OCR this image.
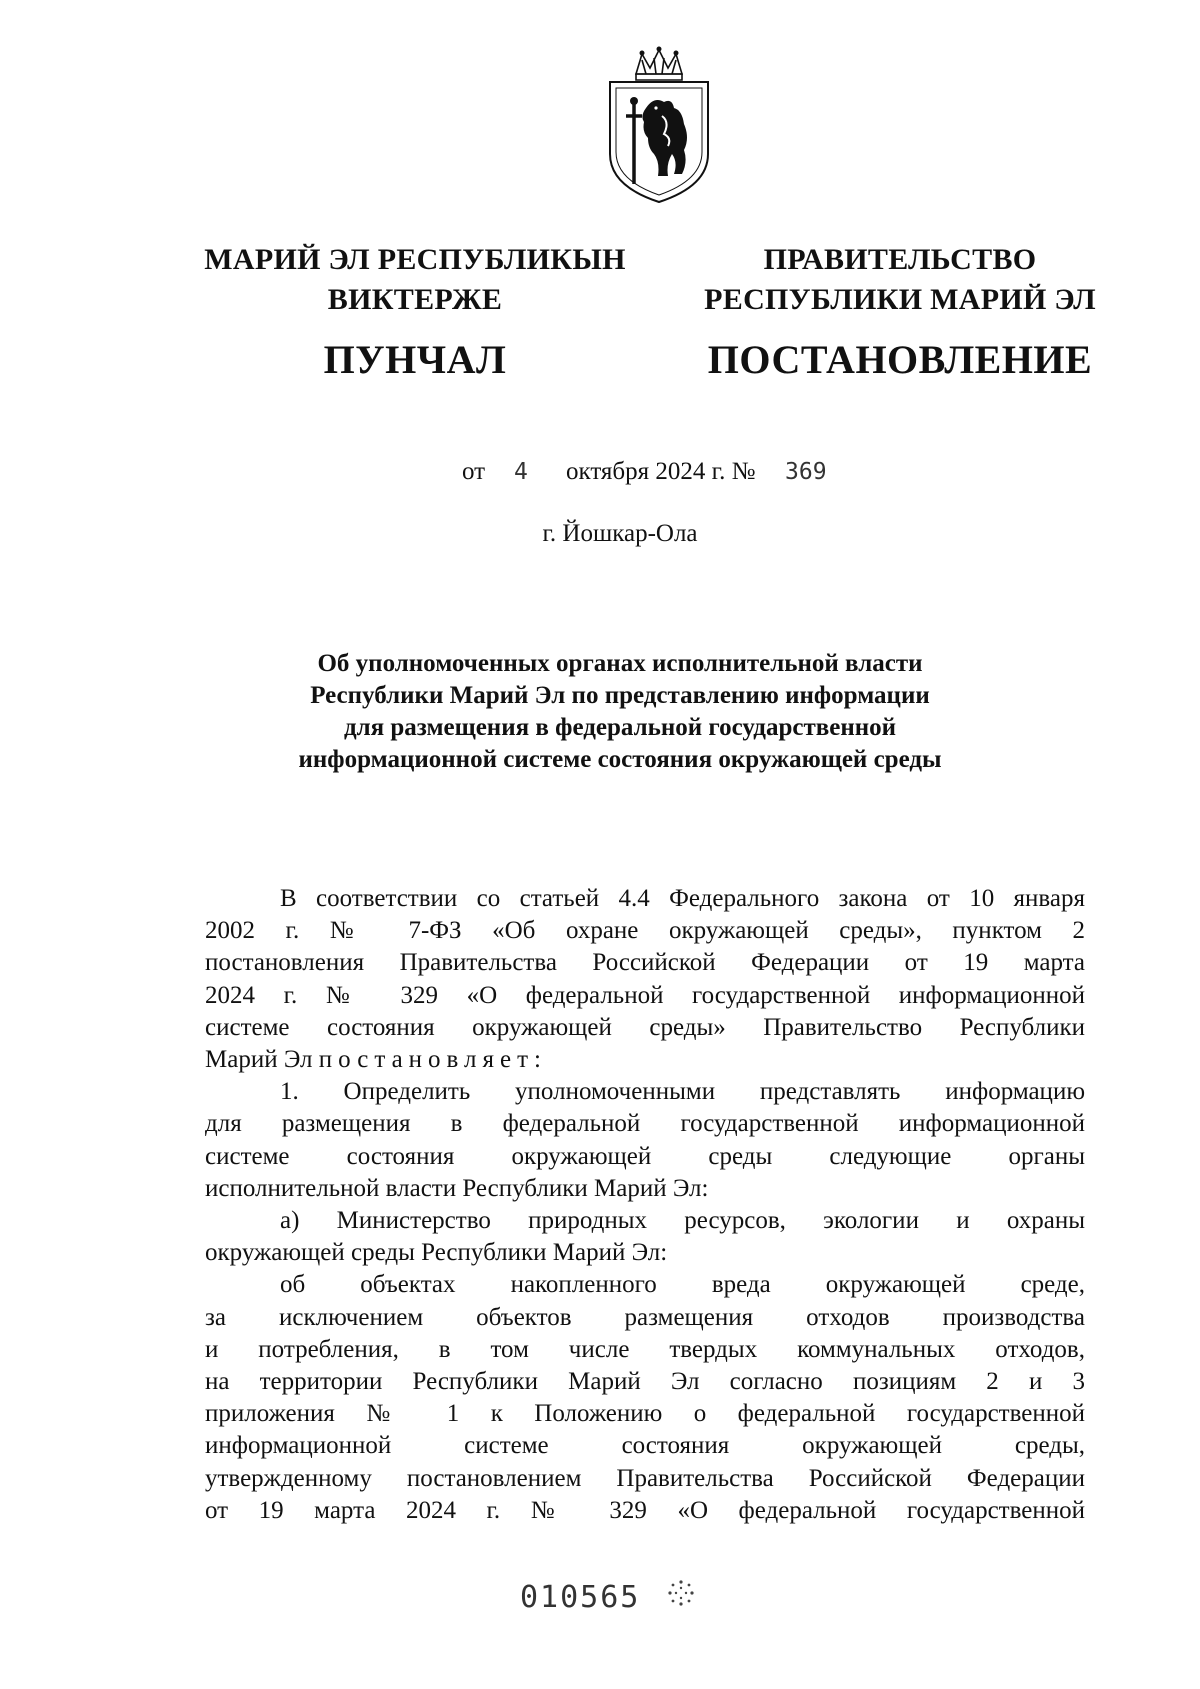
МАРИЙ ЭЛ РЕСПУБЛИКЫН
ВИКТЕРЖЕ
ПУНЧАЛ
ПРАВИТЕЛЬСТВО
РЕСПУБЛИКИ МАРИЙ ЭЛ
ПОСТАНОВЛЕНИЕ
от 4 октября 2024 г. № 369
г. Йошкар-Ола
Об уполномоченных органах исполнительной власти
Республики Марий Эл по представлению информации
для размещения в федеральной государственной
информационной системе состояния окружающей среды
В соответствии со статьей 4.4 Федерального закона от 10 января
2002 г. № 7-ФЗ «Об охране окружающей среды», пунктом 2
постановления Правительства Российской Федерации от 19 марта
2024 г. № 329 «О федеральной государственной информационной
системе состояния окружающей среды» Правительство Республики
Марий Эл постановляет:
1. Определить уполномоченными представлять информацию
для размещения в федеральной государственной информационной
системе состояния окружающей среды следующие органы
исполнительной власти Республики Марий Эл:
а) Министерство природных ресурсов, экологии и охраны
окружающей среды Республики Марий Эл:
об объектах накопленного вреда окружающей среде,
за исключением объектов размещения отходов производства
и потребления, в том числе твердых коммунальных отходов,
на территории Республики Марий Эл согласно позициям 2 и 3
приложения № 1 к Положению о федеральной государственной
информационной системе состояния окружающей среды,
утвержденному постановлением Правительства Российской Федерации
от 19 марта 2024 г. № 329 «О федеральной государственной
010565
